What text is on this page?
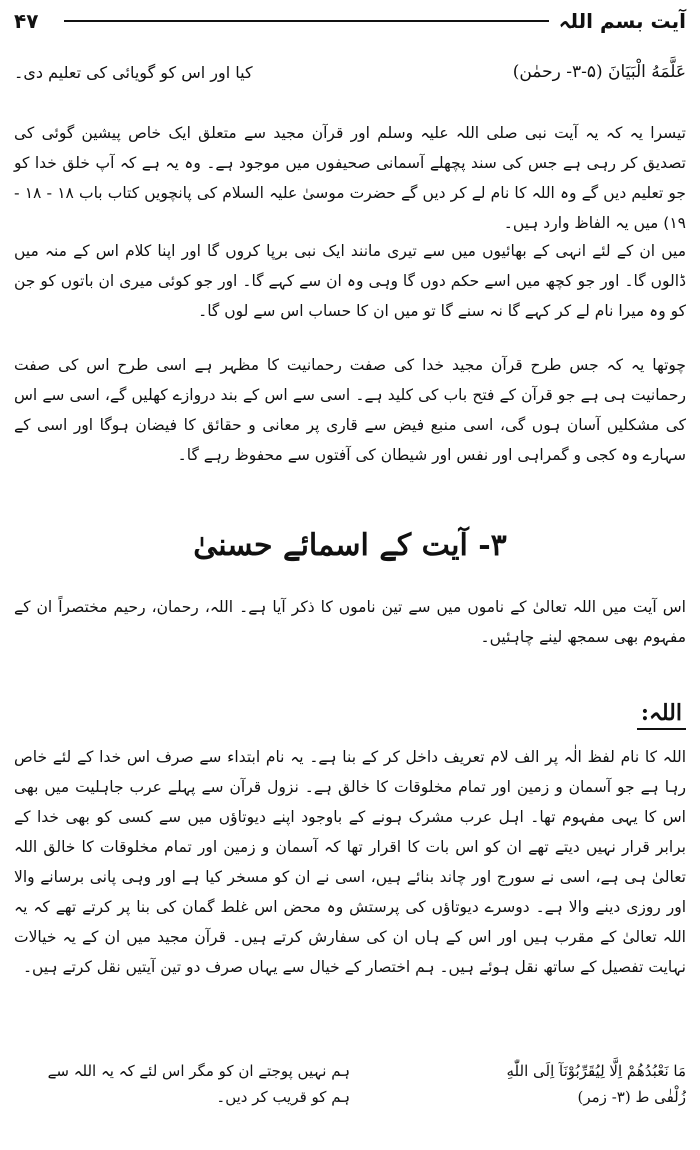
۴۷	آیت بسم اللہ
عَلَّمَهُ الْبَيَانَ (۵-۳- رحمٰن)
کیا اور اس کو گویائی کی تعلیم دی۔

تیسرا یہ کہ یہ آیت نبی صلی اللہ علیہ وسلم اور قرآن مجید سے متعلق ایک خاص پیشین گوئی کی تصدیق کر رہی ہے جس کی سند پچھلے آسمانی صحیفوں میں موجود ہے۔ وہ یہ ہے کہ آپ خلق خدا کو جو تعلیم دیں گے وہ اللہ کا نام لے کر دیں گے حضرت موسیٰ علیہ السلام کی پانچویں کتاب باب ۱۸ - ۱۸ - ۱۹) میں یہ الفاظ وارد ہیں۔

میں ان کے لئے انہی کے بھائیوں میں سے تیری مانند ایک نبی برپا کروں گا اور اپنا کلام اس کے منہ میں ڈالوں گا۔ اور جو کچھ میں اسے حکم دوں گا وہی وہ ان سے کہے گا۔ اور جو کوئی میری ان باتوں کو جن کو وہ میرا نام لے کر کہے گا نہ سنے گا تو میں ان کا حساب اس سے لوں گا۔

چوتھا یہ کہ جس طرح قرآن مجید خدا کی صفت رحمانیت کا مظہر ہے اسی طرح اس کی صفت رحمانیت ہی ہے جو قرآن کے فتح باب کی کلید ہے۔ اسی سے اس کے بند دروازے کھلیں گے، اسی سے اس کی مشکلیں آسان ہوں گی، اسی منبع فیض سے قاری پر معانی و حقائق کا فیضان ہوگا اور اسی کے سہارے وہ کجی و گمراہی اور نفس اور شیطان کی آفتوں سے محفوظ رہے گا۔

۳- آیت کے اسمائے حسنیٰ

اس آیت میں اللہ تعالیٰ کے ناموں میں سے تین ناموں کا ذکر آیا ہے۔ اللہ، رحمان، رحیم مختصراً ان کے مفہوم بھی سمجھ لینے چاہئیں۔

اللہ:

اللہ کا نام لفظ الٰہ پر الف لام تعریف داخل کر کے بنا ہے۔ یہ نام ابتداء سے صرف اس خدا کے لئے خاص رہا ہے جو آسمان و زمین اور تمام مخلوقات کا خالق ہے۔ نزول قرآن سے پہلے عرب جاہلیت میں بھی اس کا یہی مفہوم تھا۔ اہل عرب مشرک ہونے کے باوجود اپنے دیوتاؤں میں سے کسی کو بھی خدا کے برابر قرار نہیں دیتے تھے ان کو اس بات کا اقرار تھا کہ آسمان و زمین اور تمام مخلوقات کا خالق اللہ تعالیٰ ہی ہے، اسی نے سورج اور چاند بنائے ہیں، اسی نے ان کو مسخر کیا ہے اور وہی پانی برسانے والا اور روزی دینے والا ہے۔ دوسرے دیوتاؤں کی پرستش وہ محض اس غلط گمان کی بنا پر کرتے تھے کہ یہ اللہ تعالیٰ کے مقرب ہیں اور اس کے ہاں ان کی سفارش کرتے ہیں۔ قرآن مجید میں ان کے یہ خیالات نہایت تفصیل کے ساتھ نقل ہوئے ہیں۔ ہم اختصار کے خیال سے یہاں صرف دو تین آیتیں نقل کرتے ہیں۔

مَا نَعْبُدُهُمْ اِلَّا لِيُقَرِّبُوْنَآ اِلَى اللّٰهِ
ہم نہیں پوجتے ان کو مگر اس لئے کہ یہ اللہ سے
زُلْفٰى ط (۳- زمر)
ہم کو قریب کر دیں۔
